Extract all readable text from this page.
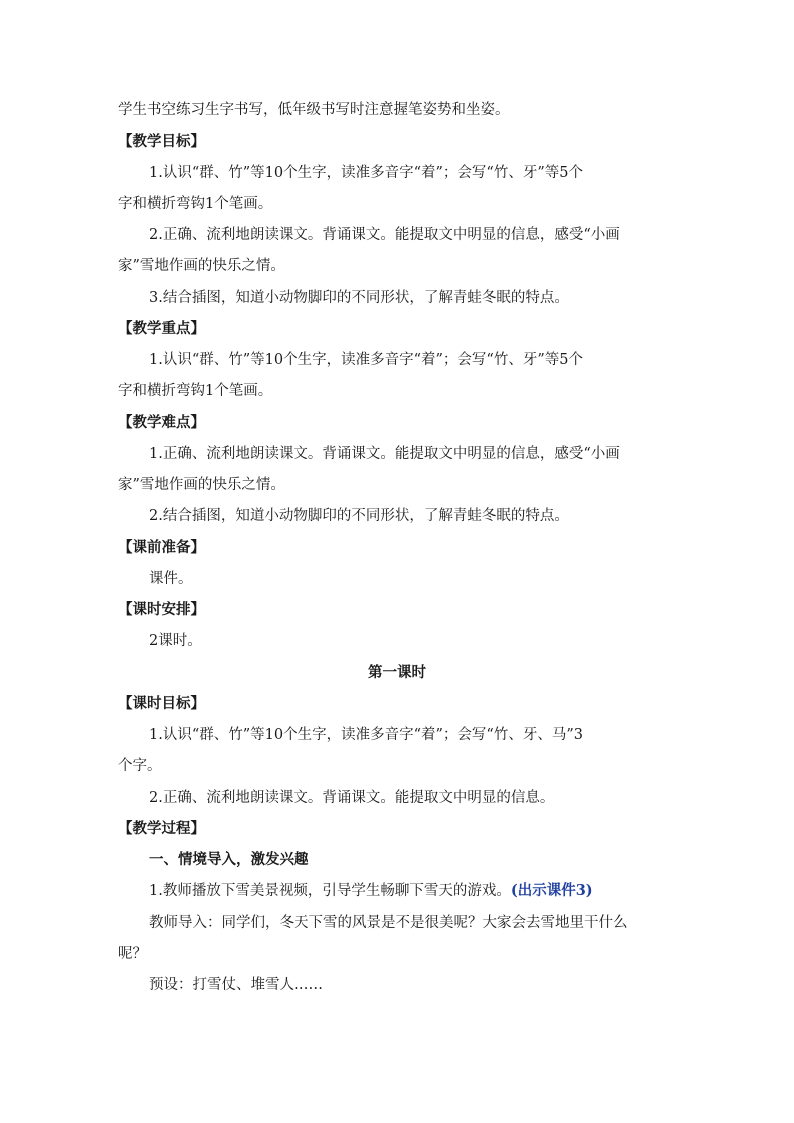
学生书空练习生字书写，低年级书写时注意握笔姿势和坐姿。
【教学目标】
1.认识“群、竹”等10个生字，读准多音字“着”；会写“竹、牙”等5个
字和横折弯钩1个笔画。
2.正确、流利地朗读课文。背诵课文。能提取文中明显的信息，感受“小画
家”雪地作画的快乐之情。
3.结合插图，知道小动物脚印的不同形状，了解青蛙冬眠的特点。
【教学重点】
1.认识“群、竹”等10个生字，读准多音字“着”；会写“竹、牙”等5个
字和横折弯钩1个笔画。
【教学难点】
1.正确、流利地朗读课文。背诵课文。能提取文中明显的信息，感受“小画
家”雪地作画的快乐之情。
2.结合插图，知道小动物脚印的不同形状，了解青蛙冬眠的特点。
【课前准备】
课件。
【课时安排】
2课时。
第一课时
【课时目标】
1.认识“群、竹”等10个生字，读准多音字“着”；会写“竹、牙、马”3
个字。
2.正确、流利地朗读课文。背诵课文。能提取文中明显的信息。
【教学过程】
一、情境导入，激发兴趣
1.教师播放下雪美景视频，引导学生畅聊下雪天的游戏。(出示课件3)
教师导入：同学们，冬天下雪的风景是不是很美呢？大家会去雪地里干什么
呢？
预设：打雪仗、堆雪人……
